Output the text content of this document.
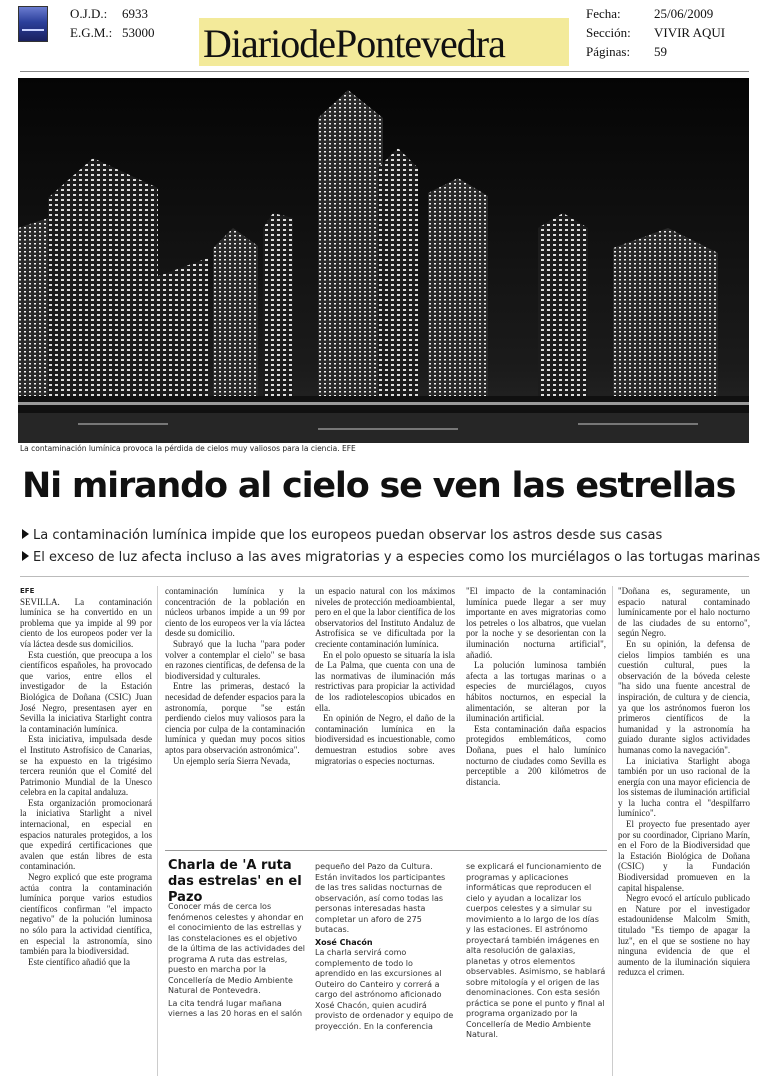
O.J.D.: 6933
E.G.M.: 53000 DiariodePontevedra
Fecha:	25/06/2009
Sección: VIVIR AQUI
Páginas: 59
La contaminación lumínica provoca la pérdida de cielos muy valiosos para la ciencia. EFE
Ni mirando al cielo se ven las estrellas
La contaminación lumínica impide que los europeos puedan observar los astros desde sus casas
El exceso de luz afecta incluso a las aves migratorias y a especies como los murciélagos o las tortugas marinas
EFE

SEVILLA. La contaminación lumínica se ha convertido en un problema que ya impide al 99 por ciento de los europeos poder ver la vía láctea desde sus domicilios.

Esta cuestión, que preocupa a los científicos españoles, ha provocado que varios, entre ellos el investigador de la Estación Biológica de Doñana (CSIC) Juan José Negro, presentasen ayer en Sevilla la iniciativa Starlight contra la contaminación lumínica.

Esta iniciativa, impulsada desde el Instituto Astrofísico de Canarias, se ha expuesto en la trigésimo tercera reunión que el Comité del Patrimonio Mundial de la Unesco celebra en la capital andaluza.

Esta organización promocionará la iniciativa Starlight a nivel internacional, en especial en espacios naturales protegidos, a los que expedirá certificaciones que avalen que están libres de esta contaminación.

Negro explicó que este programa actúa contra la contaminación lumínica porque varios estudios científicos confirman "el impacto negativo" de la polución luminosa no sólo para la actividad científica, en especial la astronomía, sino también para la biodiversidad.

Este científico añadió que la

contaminación lumínica y la concentración de la población en núcleos urbanos impide a un 99 por ciento de los europeos ver la vía láctea desde su domicilio.

Subrayó que la lucha "para poder volver a contemplar el cielo" se basa en razones científicas, de defensa de la biodiversidad y culturales.

Entre las primeras, destacó la necesidad de defender espacios para la astronomía, porque "se están perdiendo cielos muy valiosos para la ciencia por culpa de la contaminación lumínica y quedan muy pocos sitios aptos para observación astronómica".

Un ejemplo sería Sierra Nevada,

un espacio natural con los máximos niveles de protección medioambiental, pero en el que la labor científica de los observatorios del Instituto Andaluz de Astrofísica se ve dificultada por la creciente contaminación lumínica.

En el polo opuesto se situaría la isla de La Palma, que cuenta con una de las normativas de iluminación más restrictivas para propiciar la actividad de los radiotelescopios ubicados en ella.

En opinión de Negro, el daño de la contaminación lumínica en la biodiversidad es incuestionable, como demuestran estudios sobre aves migratorias o especies nocturnas.

"El impacto de la contaminación lumínica puede llegar a ser muy importante en aves migratorias como los petreles o los albatros, que vuelan por la noche y se desorientan con la iluminación nocturna artificial", añadió.

La polución luminosa también afecta a las tortugas marinas o a especies de murciélagos, cuyos hábitos nocturnos, en especial la alimentación, se alteran por la iluminación artificial.

Esta contaminación daña espacios protegidos emblemáticos, como Doñana, pues el halo lumínico nocturno de ciudades como Sevilla es perceptible a 200 kilómetros de distancia.

"Doñana es, seguramente, un espacio natural contaminado lumínicamente por el halo nocturno de las ciudades de su entorno", según Negro.

En su opinión, la defensa de cielos limpios también es una cuestión cultural, pues la observación de la bóveda celeste "ha sido una fuente ancestral de inspiración, de cultura y de ciencia, ya que los astrónomos fueron los primeros científicos de la humanidad y la astronomía ha guiado durante siglos actividades humanas como la navegación".

La iniciativa Starlight aboga también por un uso racional de la energía con una mayor eficiencia de los sistemas de iluminación artificial y la lucha contra el "despilfarro lumínico".

El proyecto fue presentado ayer por su coordinador, Cipriano Marín, en el Foro de la Biodiversidad que la Estación Biológica de Doñana (CSIC) y la Fundación Biodiversidad promueven en la capital hispalense.

Negro evocó el artículo publicado en Nature por el investigador estadounidense Malcolm Smith, titulado "Es tiempo de apagar la luz", en el que se sostiene no hay ninguna evidencia de que el aumento de la iluminación siquiera reduzca el crimen.

Charla de 'A ruta das estrelas' en el Pazo

Conocer más de cerca los fenómenos celestes y ahondar en el conocimiento de las estrellas y las constelaciones es el objetivo de la última de las actividades del programa A ruta das estrelas, puesto en marcha por la Concellería de Medio Ambiente Natural de Pontevedra.

La cita tendrá lugar mañana viernes a las 20 horas en el salón

pequeño del Pazo da Cultura. Están invitados los participantes de las tres salidas nocturnas de observación, así como todas las personas interesadas hasta completar un aforo de 275 butacas.

Xosé Chacón

La charla servirá como complemento de todo lo aprendido en las excursiones al Outeiro do Canteiro y correrá a cargo del astrónomo aficionado Xosé Chacón, quien acudirá provisto de ordenador y equipo de proyección. En la conferencia

se explicará el funcionamiento de programas y aplicaciones informáticas que reproducen el cielo y ayudan a localizar los cuerpos celestes y a simular su movimiento a lo largo de los días y las estaciones. El astrónomo proyectará también imágenes en alta resolución de galaxias, planetas y otros elementos observables. Asimismo, se hablará sobre mitología y el origen de las denominaciones. Con esta sesión práctica se pone el punto y final al programa organizado por la Concellería de Medio Ambiente Natural.
